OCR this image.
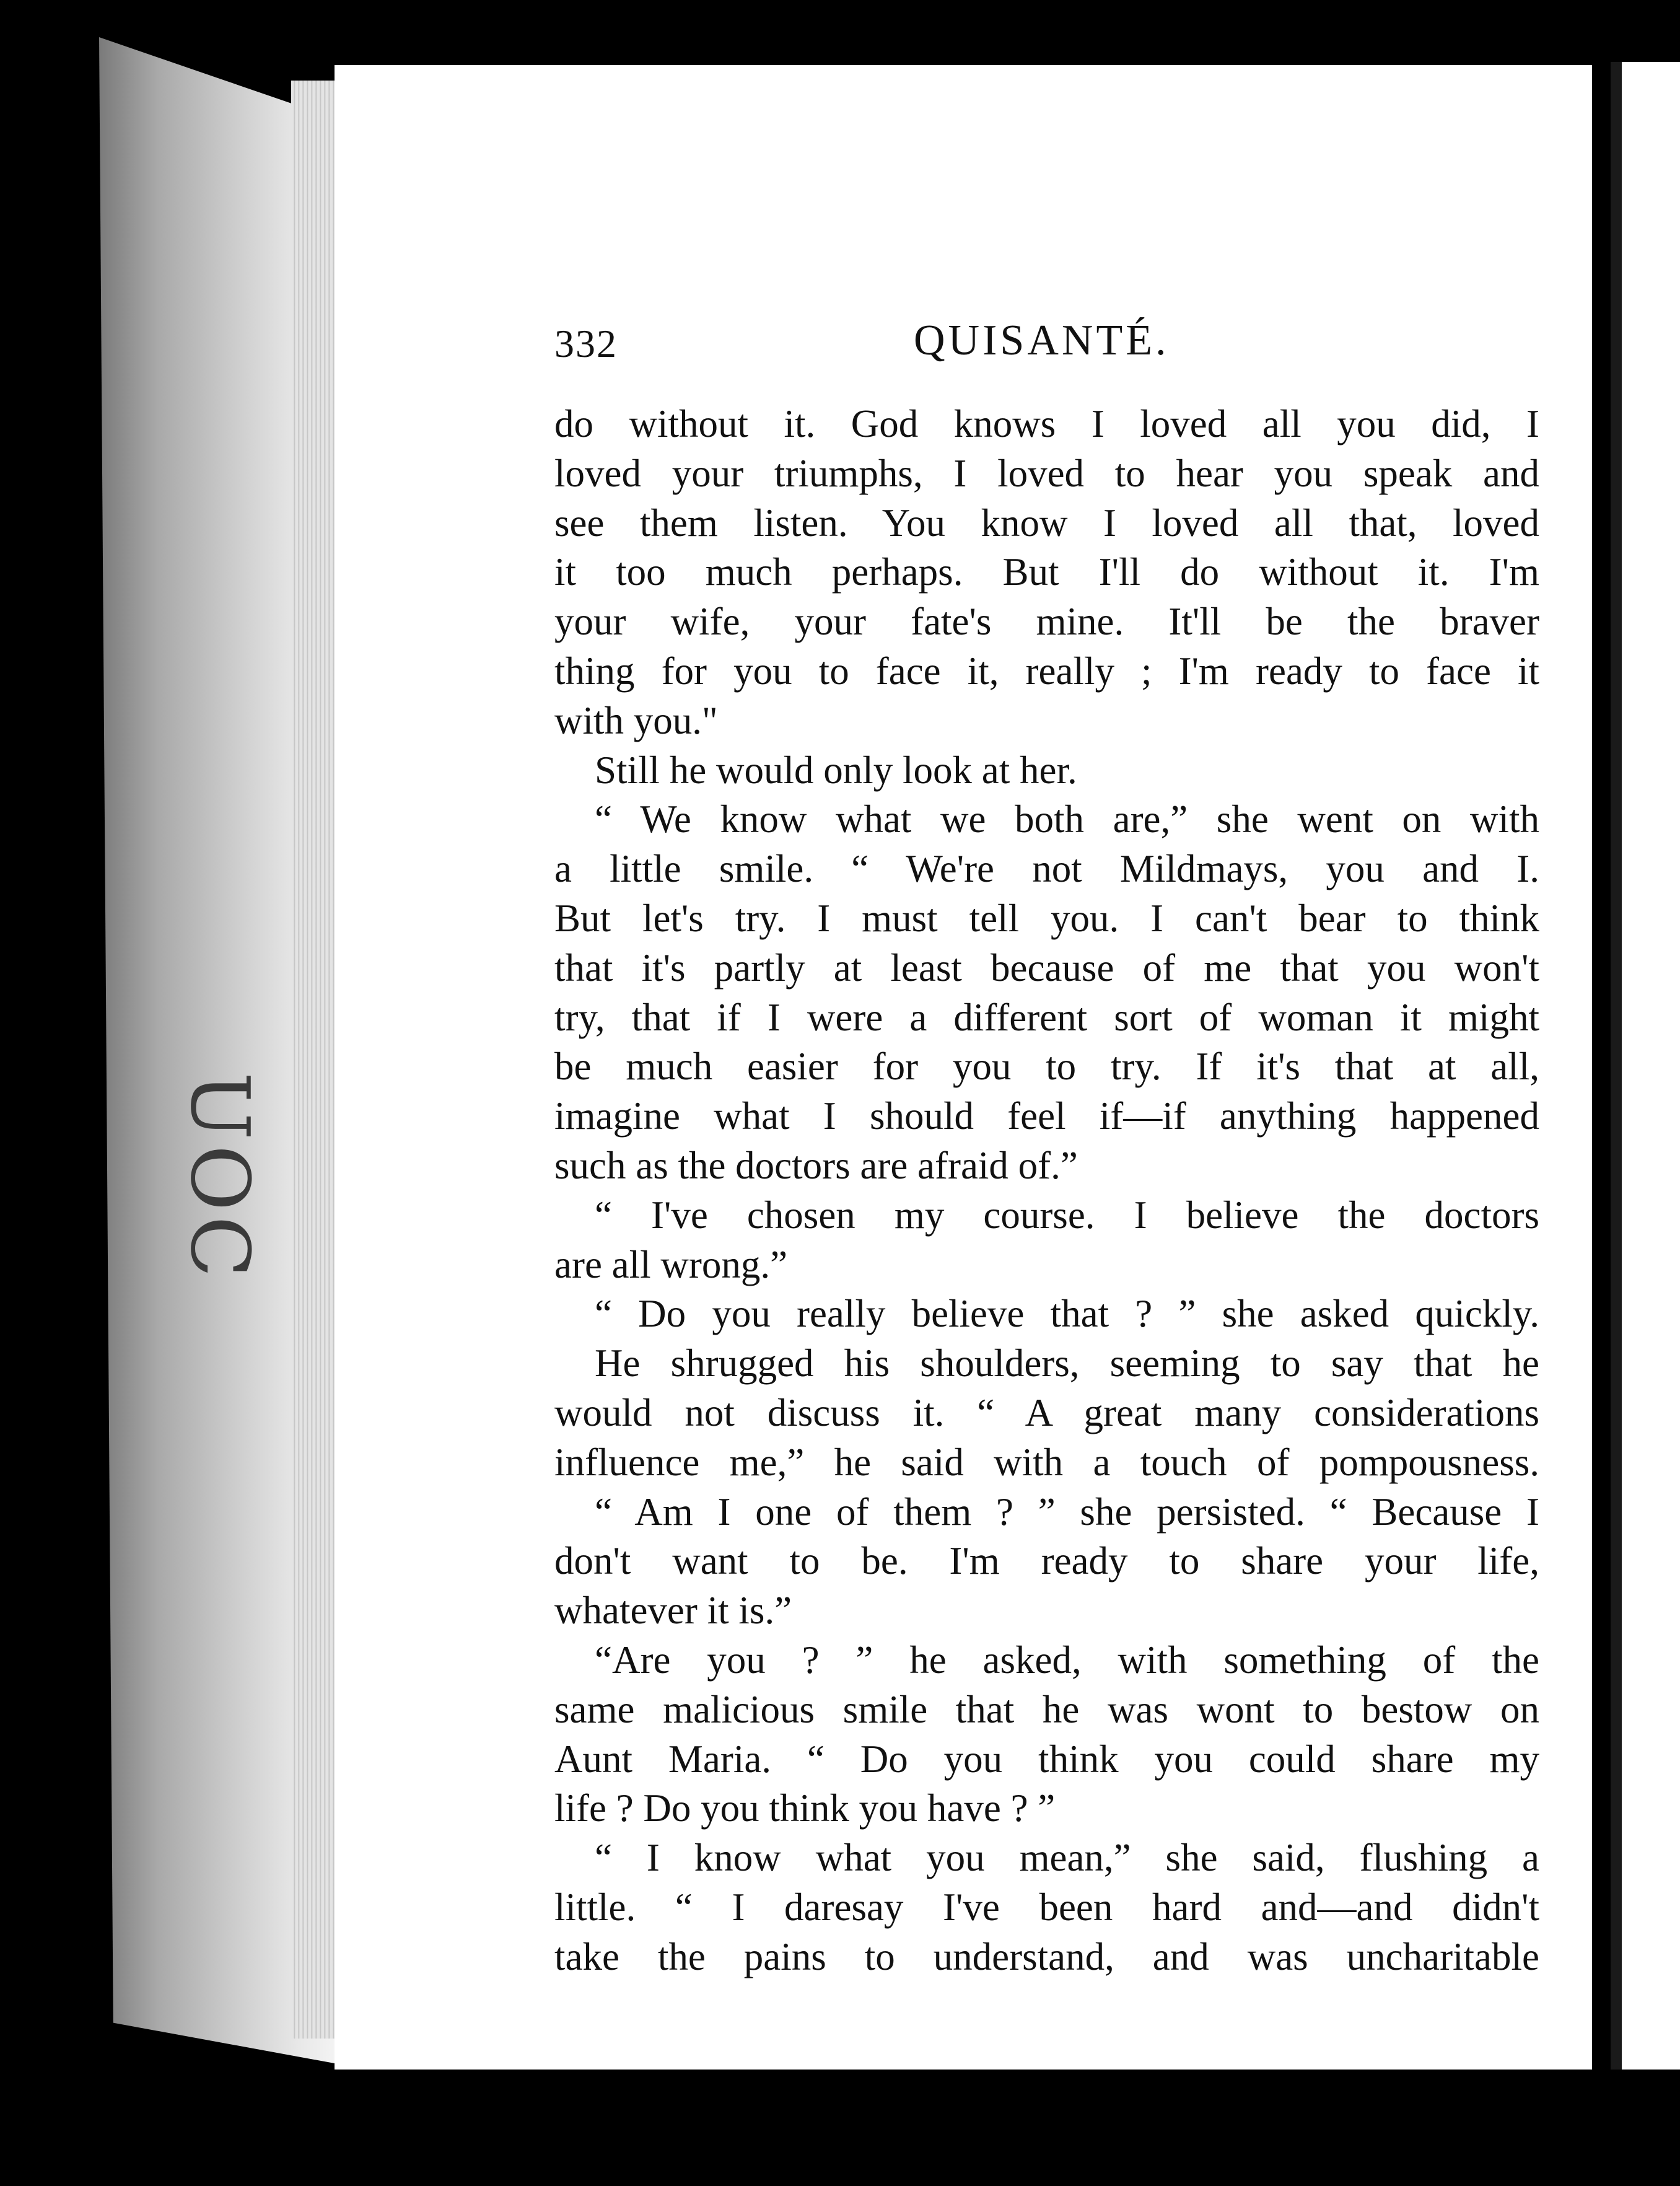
UOC
332	QUISANTÉ.
do without it. God knows I loved all you did, I
loved your triumphs, I loved to hear you speak and
see them listen. You know I loved all that, loved
it too much perhaps. But I'll do without it. I'm
your wife, your fate's mine. It'll be the braver
thing for you to face it, really ; I'm ready to face it
with you."
Still he would only look at her.
“ We know what we both are,” she went on with
a little smile. “ We're not Mildmays, you and I.
But let's try. I must tell you. I can't bear to think
that it's partly at least because of me that you won't
try, that if I were a different sort of woman it might
be much easier for you to try. If it's that at all,
imagine what I should feel if—if anything happened
such as the doctors are afraid of.”
“ I've chosen my course. I believe the doctors
are all wrong.”
“ Do you really believe that ? ” she asked quickly.
He shrugged his shoulders, seeming to say that he
would not discuss it. “ A great many considerations
influence me,” he said with a touch of pompousness.
“ Am I one of them ? ” she persisted. “ Because I
don't want to be. I'm ready to share your life,
whatever it is.”
“Are you ? ” he asked, with something of the
same malicious smile that he was wont to bestow on
Aunt Maria. “ Do you think you could share my
life ? Do you think you have ? ”
“ I know what you mean,” she said, flushing a
little. “ I daresay I've been hard and—and didn't
take the pains to understand, and was uncharitable
